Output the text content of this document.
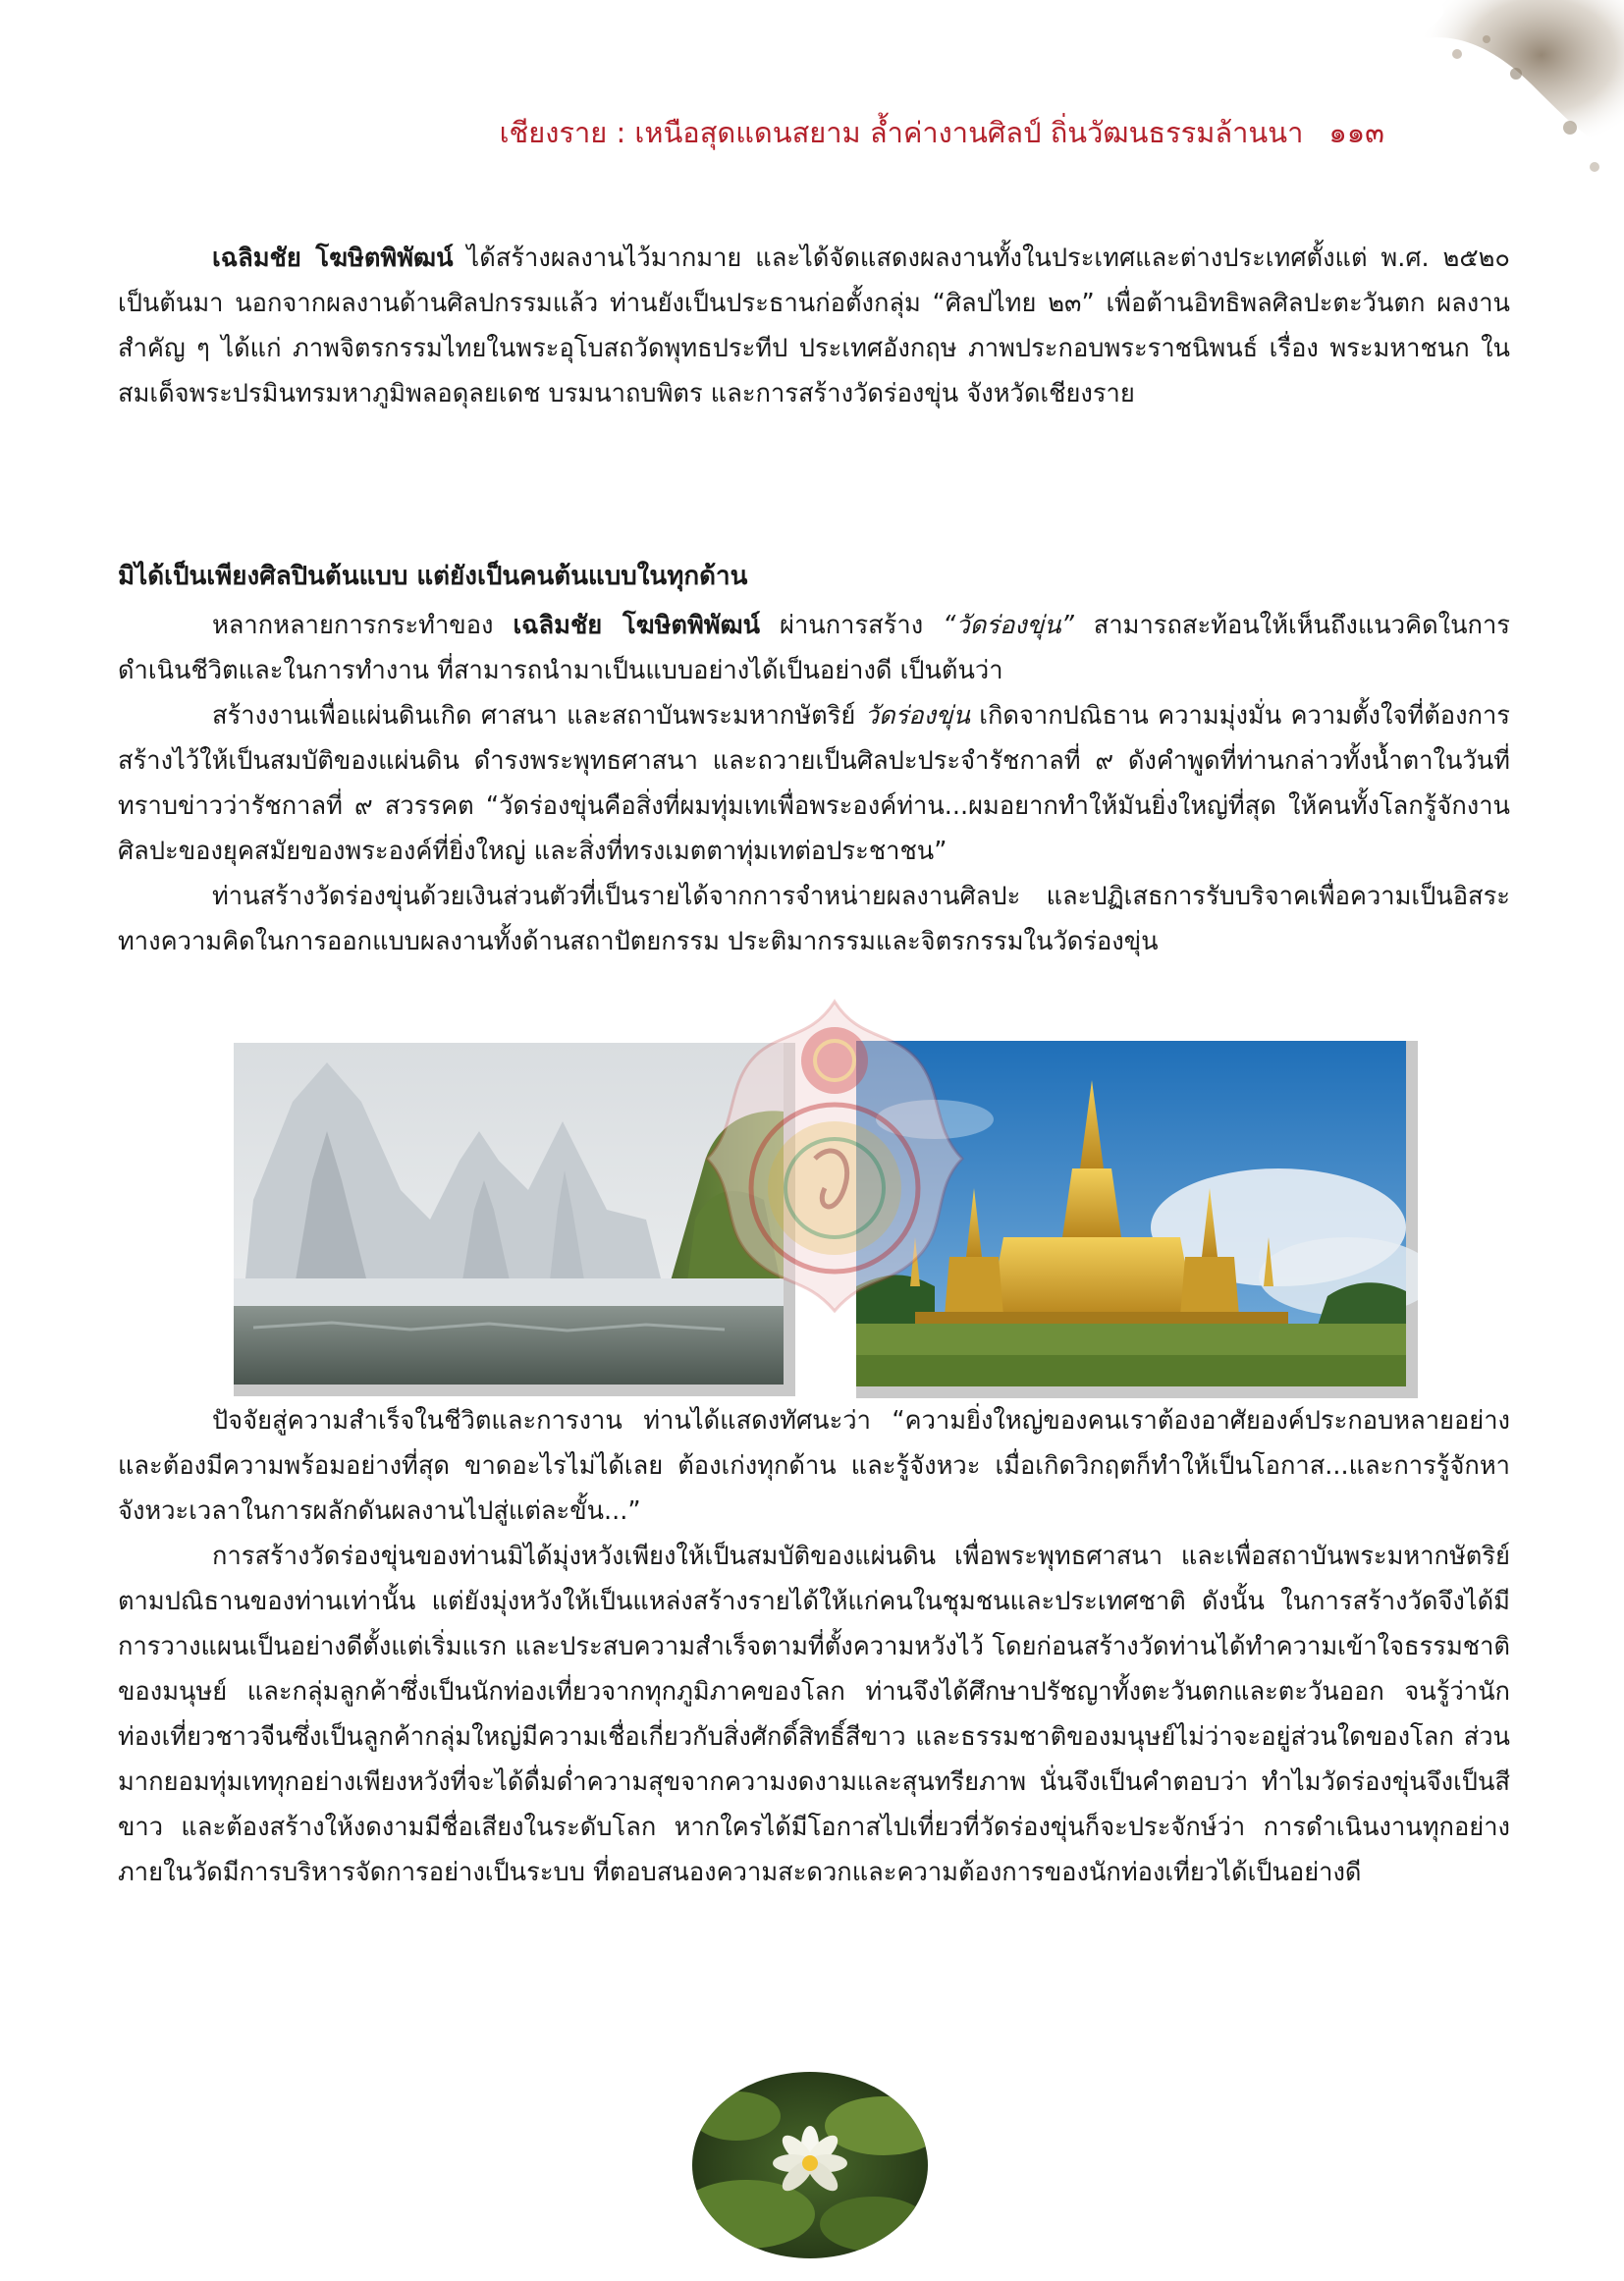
เชียงราย : เหนือสุดแดนสยาม ล้ำค่างานศิลป์ ถิ่นวัฒนธรรมล้านนา ๑๑๓

เฉลิมชัย โฆษิตพิพัฒน์ ได้สร้างผลงานไว้มากมาย และได้จัดแสดงผลงานทั้งในประเทศและต่างประเทศตั้งแต่ พ.ศ. ๒๕๒๐ เป็นต้นมา นอกจากผลงานด้านศิลปกรรมแล้ว ท่านยังเป็นประธานก่อตั้งกลุ่ม “ศิลปไทย ๒๓” เพื่อต้านอิทธิพลศิลปะตะวันตก ผลงานสำคัญ ๆ ได้แก่ ภาพจิตรกรรมไทยในพระอุโบสถวัดพุทธประทีป ประเทศอังกฤษ ภาพประกอบพระราชนิพนธ์ เรื่อง พระมหาชนก ในสมเด็จพระปรมินทรมหาภูมิพลอดุลยเดช บรมนาถบพิตร และการสร้างวัดร่องขุ่น จังหวัดเชียงราย

มิได้เป็นเพียงศิลปินต้นแบบ แต่ยังเป็นคนต้นแบบในทุกด้าน

หลากหลายการกระทำของ เฉลิมชัย โฆษิตพิพัฒน์ ผ่านการสร้าง “วัดร่องขุ่น” สามารถสะท้อนให้เห็นถึงแนวคิดในการดำเนินชีวิตและในการทำงาน ที่สามารถนำมาเป็นแบบอย่างได้เป็นอย่างดี เป็นต้นว่า

สร้างงานเพื่อแผ่นดินเกิด ศาสนา และสถาบันพระมหากษัตริย์ วัดร่องขุ่น เกิดจากปณิธาน ความมุ่งมั่น ความตั้งใจที่ต้องการสร้างไว้ให้เป็นสมบัติของแผ่นดิน ดำรงพระพุทธศาสนา และถวายเป็นศิลปะประจำรัชกาลที่ ๙ ดังคำพูดที่ท่านกล่าวทั้งน้ำตาในวันที่ทราบข่าวว่ารัชกาลที่ ๙ สวรรคต “วัดร่องขุ่นคือสิ่งที่ผมทุ่มเทเพื่อพระองค์ท่าน...ผมอยากทำให้มันยิ่งใหญ่ที่สุด ให้คนทั้งโลกรู้จักงานศิลปะของยุคสมัยของพระองค์ที่ยิ่งใหญ่ และสิ่งที่ทรงเมตตาทุ่มเทต่อประชาชน”

ท่านสร้างวัดร่องขุ่นด้วยเงินส่วนตัวที่เป็นรายได้จากการจำหน่ายผลงานศิลปะ และปฏิเสธการรับบริจาคเพื่อความเป็นอิสระทางความคิดในการออกแบบผลงานทั้งด้านสถาปัตยกรรม ประติมากรรมและจิตรกรรมในวัดร่องขุ่น

ปัจจัยสู่ความสำเร็จในชีวิตและการงาน ท่านได้แสดงทัศนะว่า “ความยิ่งใหญ่ของคนเราต้องอาศัยองค์ประกอบหลายอย่างและต้องมีความพร้อมอย่างที่สุด ขาดอะไรไม่ได้เลย ต้องเก่งทุกด้าน และรู้จังหวะ เมื่อเกิดวิกฤตก็ทำให้เป็นโอกาส...และการรู้จักหาจังหวะเวลาในการผลักดันผลงานไปสู่แต่ละขั้น...”

การสร้างวัดร่องขุ่นของท่านมิได้มุ่งหวังเพียงให้เป็นสมบัติของแผ่นดิน เพื่อพระพุทธศาสนา และเพื่อสถาบันพระมหากษัตริย์ตามปณิธานของท่านเท่านั้น แต่ยังมุ่งหวังให้เป็นแหล่งสร้างรายได้ให้แก่คนในชุมชนและประเทศชาติ ดังนั้น ในการสร้างวัดจึงได้มีการวางแผนเป็นอย่างดีตั้งแต่เริ่มแรก และประสบความสำเร็จตามที่ตั้งความหวังไว้ โดยก่อนสร้างวัดท่านได้ทำความเข้าใจธรรมชาติของมนุษย์ และกลุ่มลูกค้าซึ่งเป็นนักท่องเที่ยวจากทุกภูมิภาคของโลก ท่านจึงได้ศึกษาปรัชญาทั้งตะวันตกและตะวันออก จนรู้ว่านักท่องเที่ยวชาวจีนซึ่งเป็นลูกค้ากลุ่มใหญ่มีความเชื่อเกี่ยวกับสิ่งศักดิ์สิทธิ์สีขาว และธรรมชาติของมนุษย์ไม่ว่าจะอยู่ส่วนใดของโลก ส่วนมากยอมทุ่มเททุกอย่างเพียงหวังที่จะได้ดื่มด่ำความสุขจากความงดงามและสุนทรียภาพ นั่นจึงเป็นคำตอบว่า ทำไมวัดร่องขุ่นจึงเป็นสีขาว และต้องสร้างให้งดงามมีชื่อเสียงในระดับโลก หากใครได้มีโอกาสไปเที่ยวที่วัดร่องขุ่นก็จะประจักษ์ว่า การดำเนินงานทุกอย่างภายในวัดมีการบริหารจัดการอย่างเป็นระบบ ที่ตอบสนองความสะดวกและความต้องการของนักท่องเที่ยวได้เป็นอย่างดี
